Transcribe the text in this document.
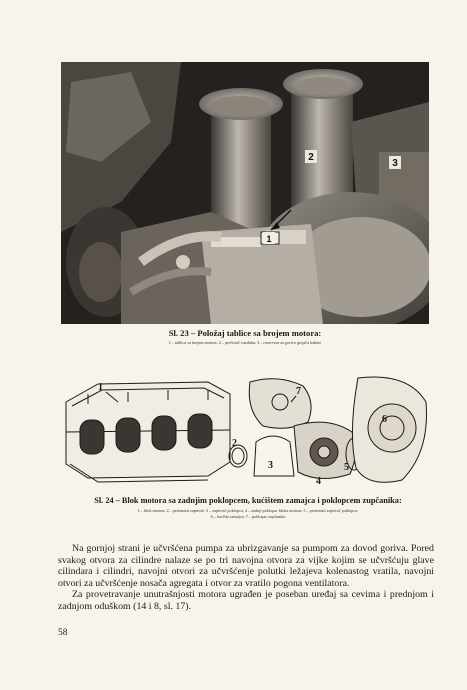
2
3
1
Sl. 23 – Položaj tablice sa brojem motora:
1 – tablica sa brojem motora; 2 – prečistač vazduha; 3 – rezervoar za gorivo grejača kabine
1
2
3
4
5
6
7
Sl. 24 – Blok motora sa zadnjim poklopcem, kućištem zamajca i poklopcem zupčanika:
1 – blok motora; 2 – prstenasti zaptivač; 3 – zaptivač poklopca; 4 – zadnji poklopac bloka motora; 5 – prstenasti zaptivač poklopca;
6 – kućište zamajca; 7 – poklopac zupčanika

Na gornjoj strani je učvršćena pumpa za ubrizgavanje sa pumpom za dovod goriva. Pored svakog otvora za cilindre nalaze se po tri navojna otvora za vijke kojim se učvršćuju glave cilindara i cilindri, navojni otvori za učvršćenje polutki ležajeva kolenastog vratila, navojni otvori za učvršćenje nosača agregata i otvor za vratilo pogona ventilatora.

Za provetravanje unutrašnjosti motora ugrađen je poseban uređaj sa cevima i prednjom i zadnjom oduškom (14 i 8, sl. 17).

58
